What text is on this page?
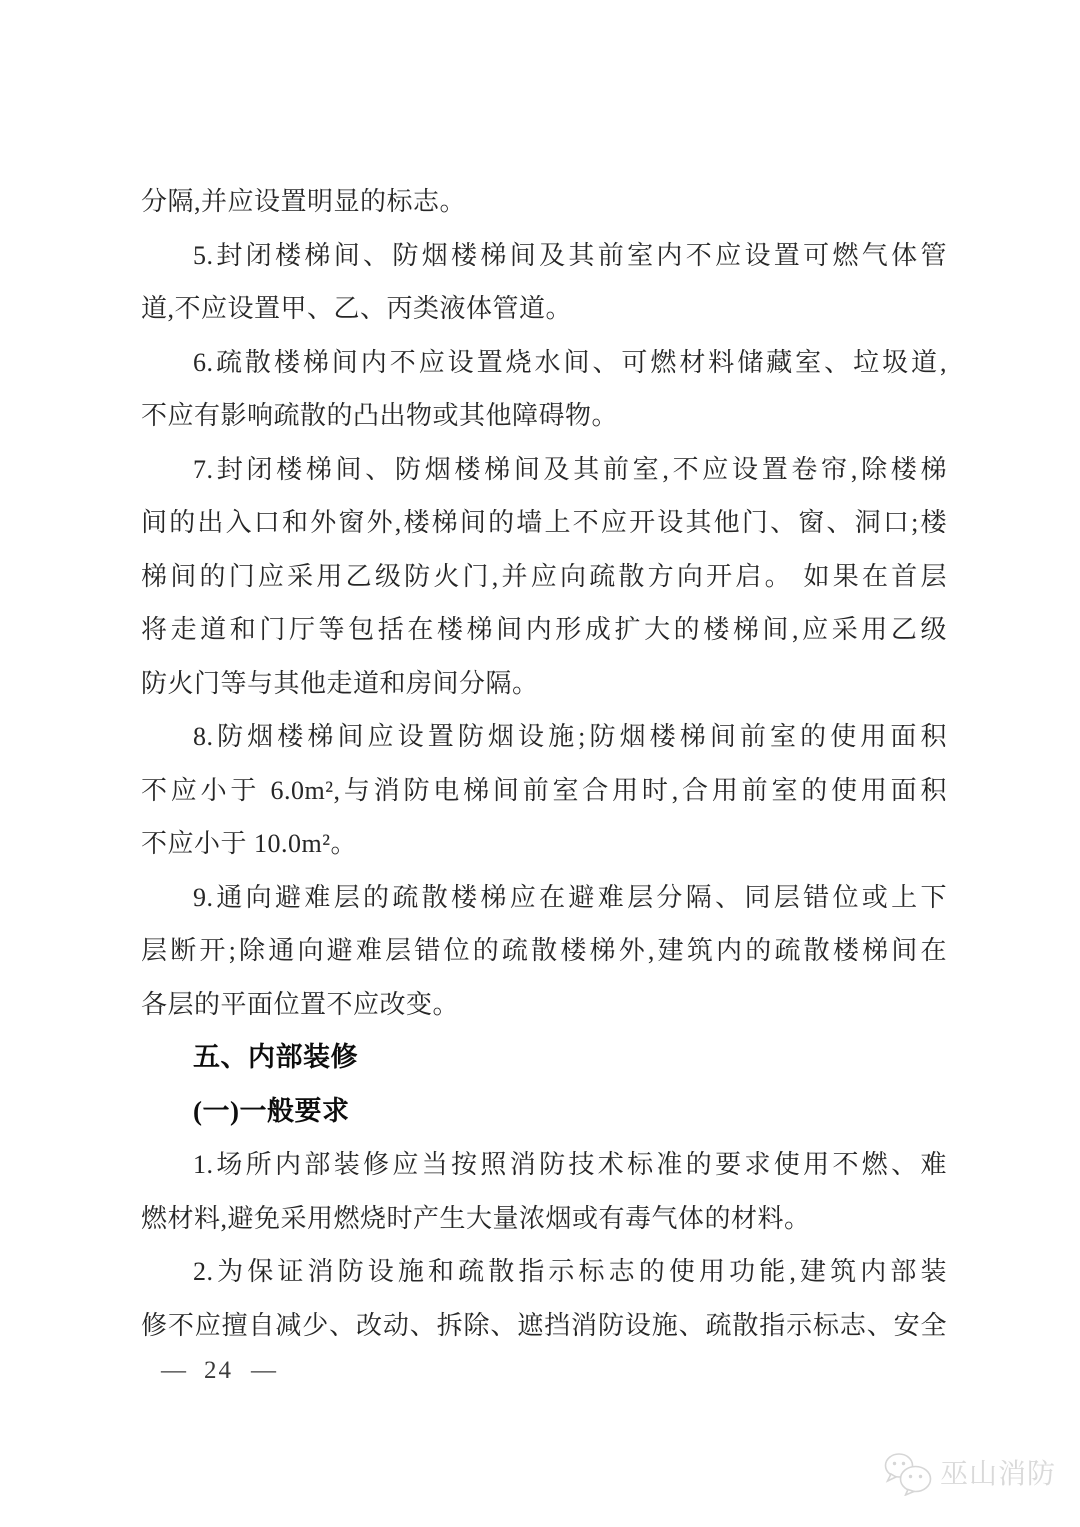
分隔,并应设置明显的标志。
5.封闭楼梯间、防烟楼梯间及其前室内不应设置可燃气体管
道,不应设置甲、乙、丙类液体管道。
6.疏散楼梯间内不应设置烧水间、可燃材料储藏室、垃圾道,
不应有影响疏散的凸出物或其他障碍物。
7.封闭楼梯间、防烟楼梯间及其前室,不应设置卷帘,除楼梯
间的出入口和外窗外,楼梯间的墙上不应开设其他门、窗、洞口;楼
梯间的门应采用乙级防火门,并应向疏散方向开启。 如果在首层
将走道和门厅等包括在楼梯间内形成扩大的楼梯间,应采用乙级
防火门等与其他走道和房间分隔。
8.防烟楼梯间应设置防烟设施;防烟楼梯间前室的使用面积
不应小于 6.0m²,与消防电梯间前室合用时,合用前室的使用面积
不应小于 10.0m²。
9.通向避难层的疏散楼梯应在避难层分隔、同层错位或上下
层断开;除通向避难层错位的疏散楼梯外,建筑内的疏散楼梯间在
各层的平面位置不应改变。
五、内部装修
(一)一般要求
1.场所内部装修应当按照消防技术标准的要求使用不燃、难
燃材料,避免采用燃烧时产生大量浓烟或有毒气体的材料。
2.为保证消防设施和疏散指示标志的使用功能,建筑内部装
修不应擅自减少、改动、拆除、遮挡消防设施、疏散指示标志、安全
— 24 —
巫山消防
